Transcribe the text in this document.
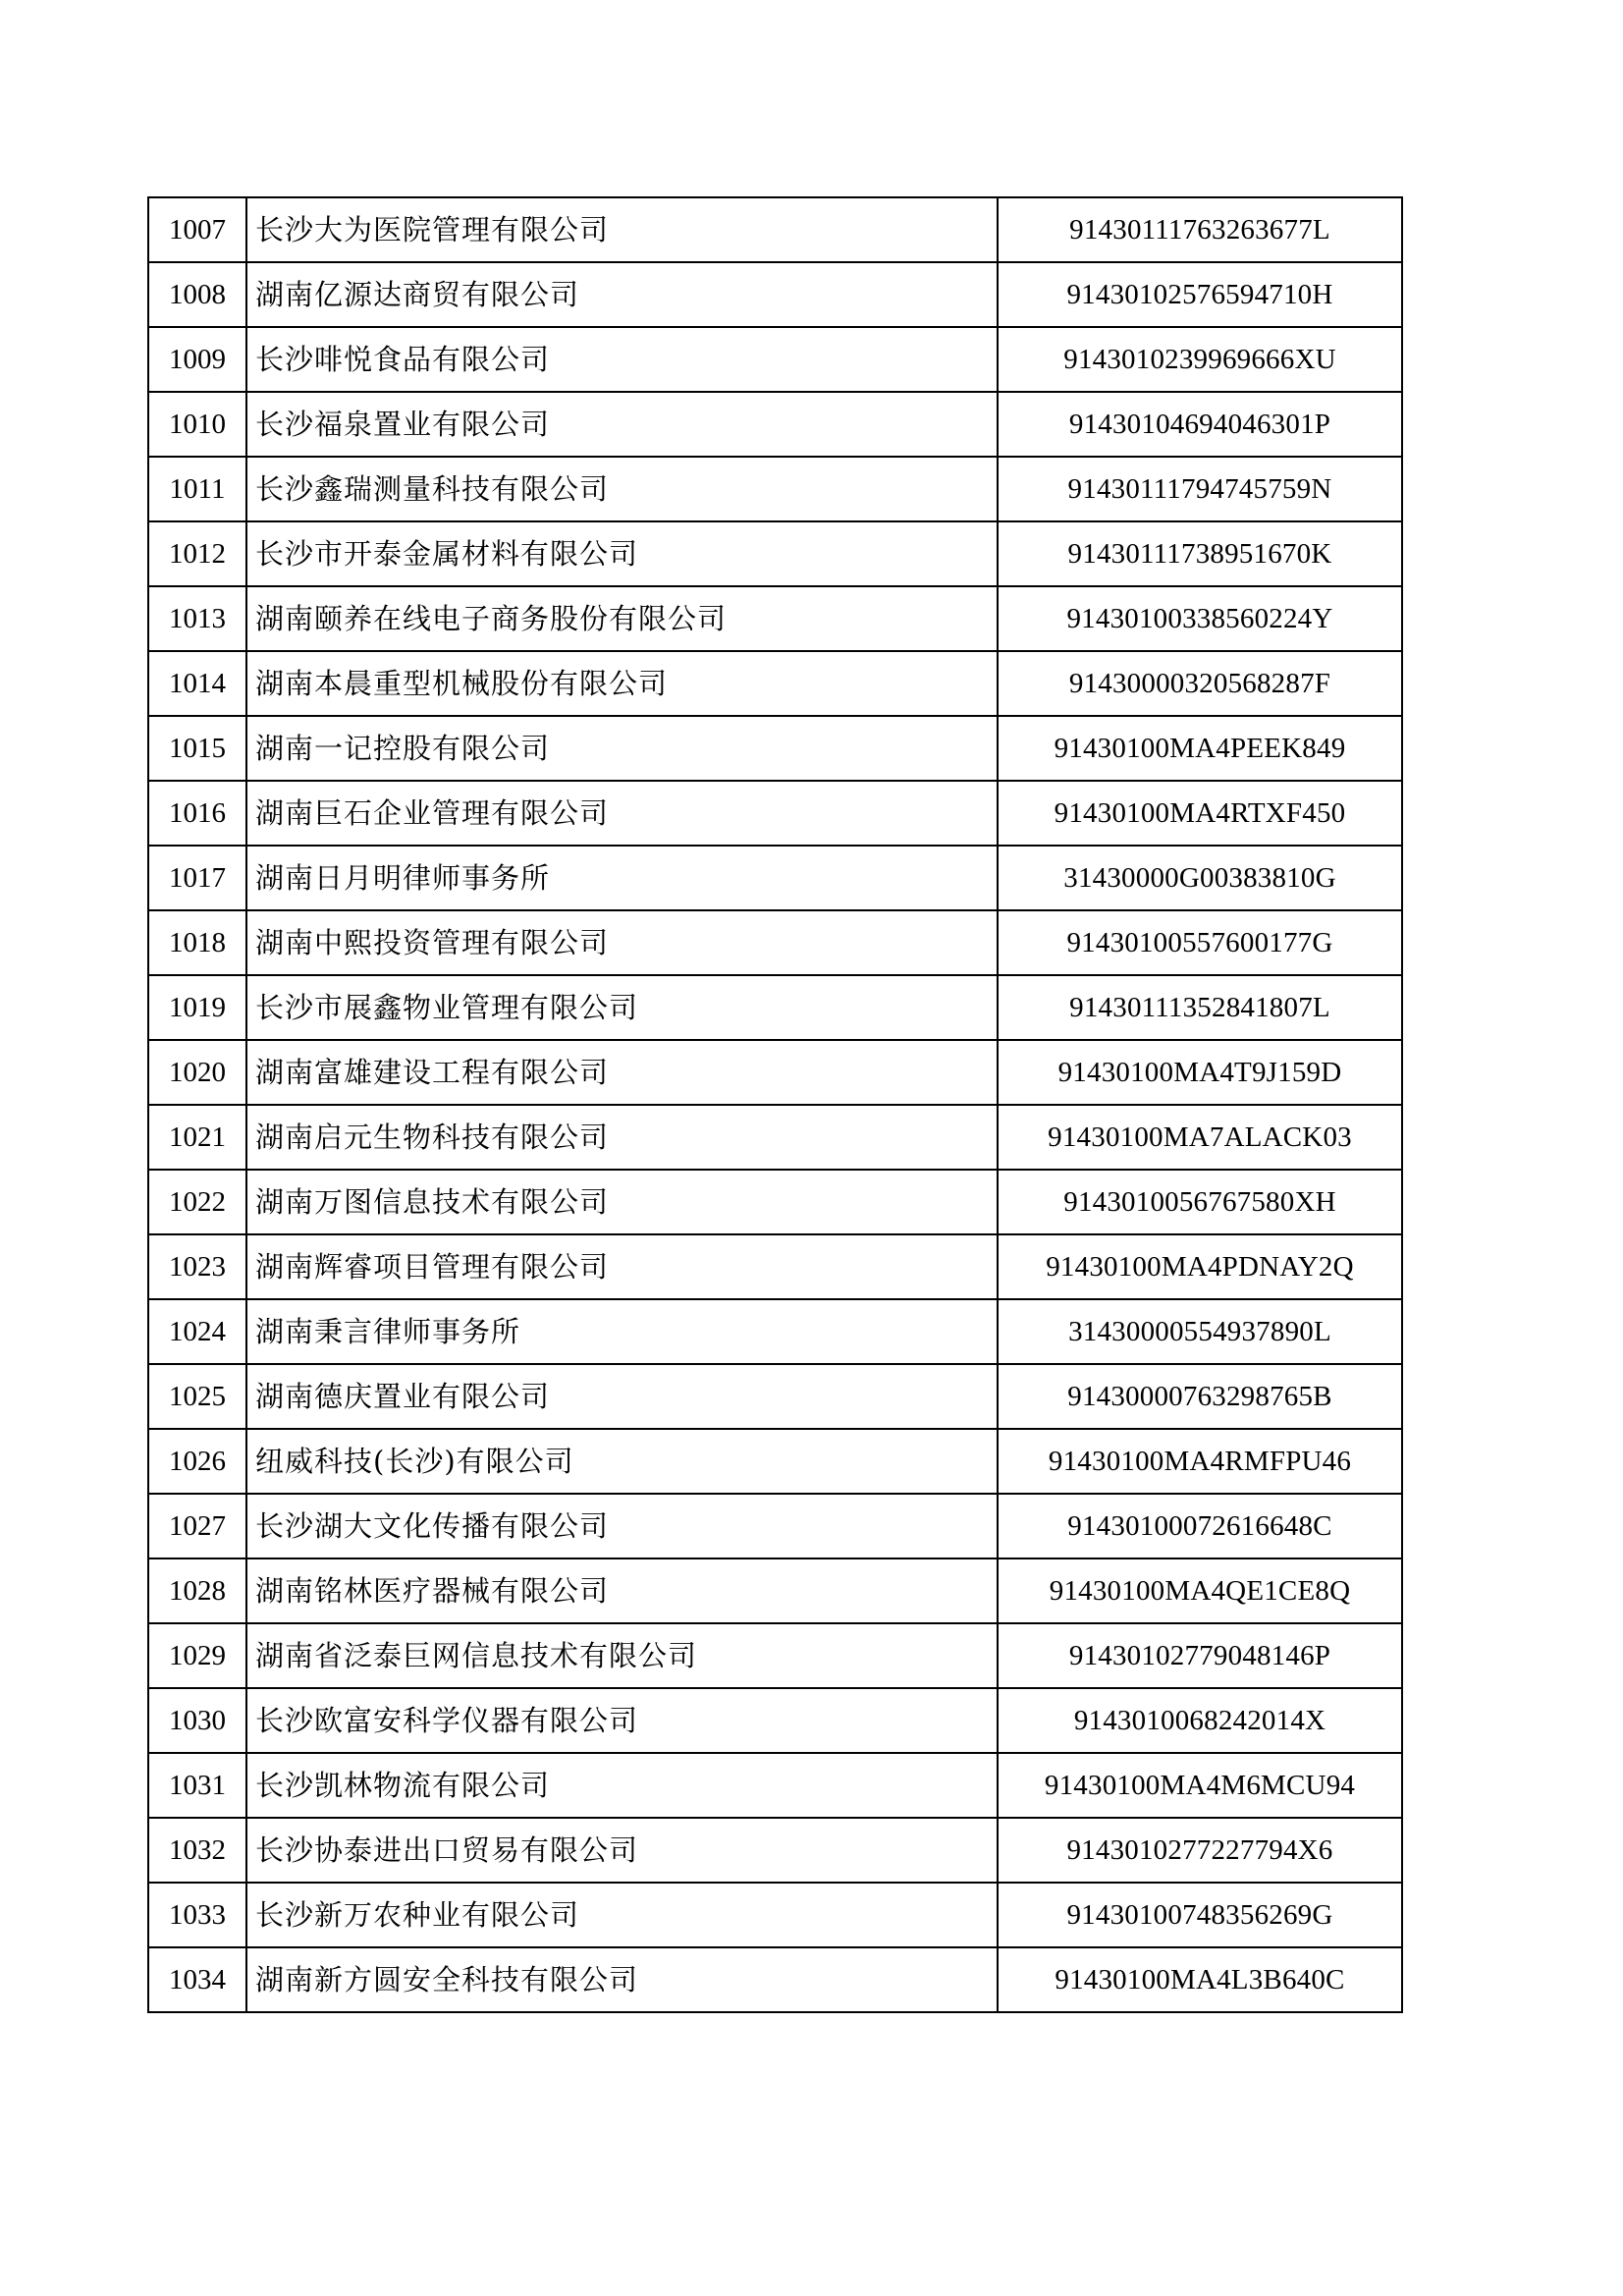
1007	长沙大为医院管理有限公司	91430111763263677L
1008	湖南亿源达商贸有限公司	91430102576594710H
1009	长沙啡悦食品有限公司	9143010239969666XU
1010	长沙福泉置业有限公司	91430104694046301P
1011	长沙鑫瑞测量科技有限公司	91430111794745759N
1012	长沙市开泰金属材料有限公司	91430111738951670K
1013	湖南颐养在线电子商务股份有限公司	91430100338560224Y
1014	湖南本晨重型机械股份有限公司	91430000320568287F
1015	湖南一记控股有限公司	91430100MA4PEEK849
1016	湖南巨石企业管理有限公司	91430100MA4RTXF450
1017	湖南日月明律师事务所	31430000G00383810G
1018	湖南中熙投资管理有限公司	91430100557600177G
1019	长沙市展鑫物业管理有限公司	91430111352841807L
1020	湖南富雄建设工程有限公司	91430100MA4T9J159D
1021	湖南启元生物科技有限公司	91430100MA7ALACK03
1022	湖南万图信息技术有限公司	9143010056767580XH
1023	湖南辉睿项目管理有限公司	91430100MA4PDNAY2Q
1024	湖南秉言律师事务所	31430000554937890L
1025	湖南德庆置业有限公司	91430000763298765B
1026	纽威科技(长沙)有限公司	91430100MA4RMFPU46
1027	长沙湖大文化传播有限公司	91430100072616648C
1028	湖南铭林医疗器械有限公司	91430100MA4QE1CE8Q
1029	湖南省泛泰巨网信息技术有限公司	91430102779048146P
1030	长沙欧富安科学仪器有限公司	9143010068242014X
1031	长沙凯林物流有限公司	91430100MA4M6MCU94
1032	长沙协泰进出口贸易有限公司	9143010277227794X6
1033	长沙新万农种业有限公司	91430100748356269G
1034	湖南新方圆安全科技有限公司	91430100MA4L3B640C
